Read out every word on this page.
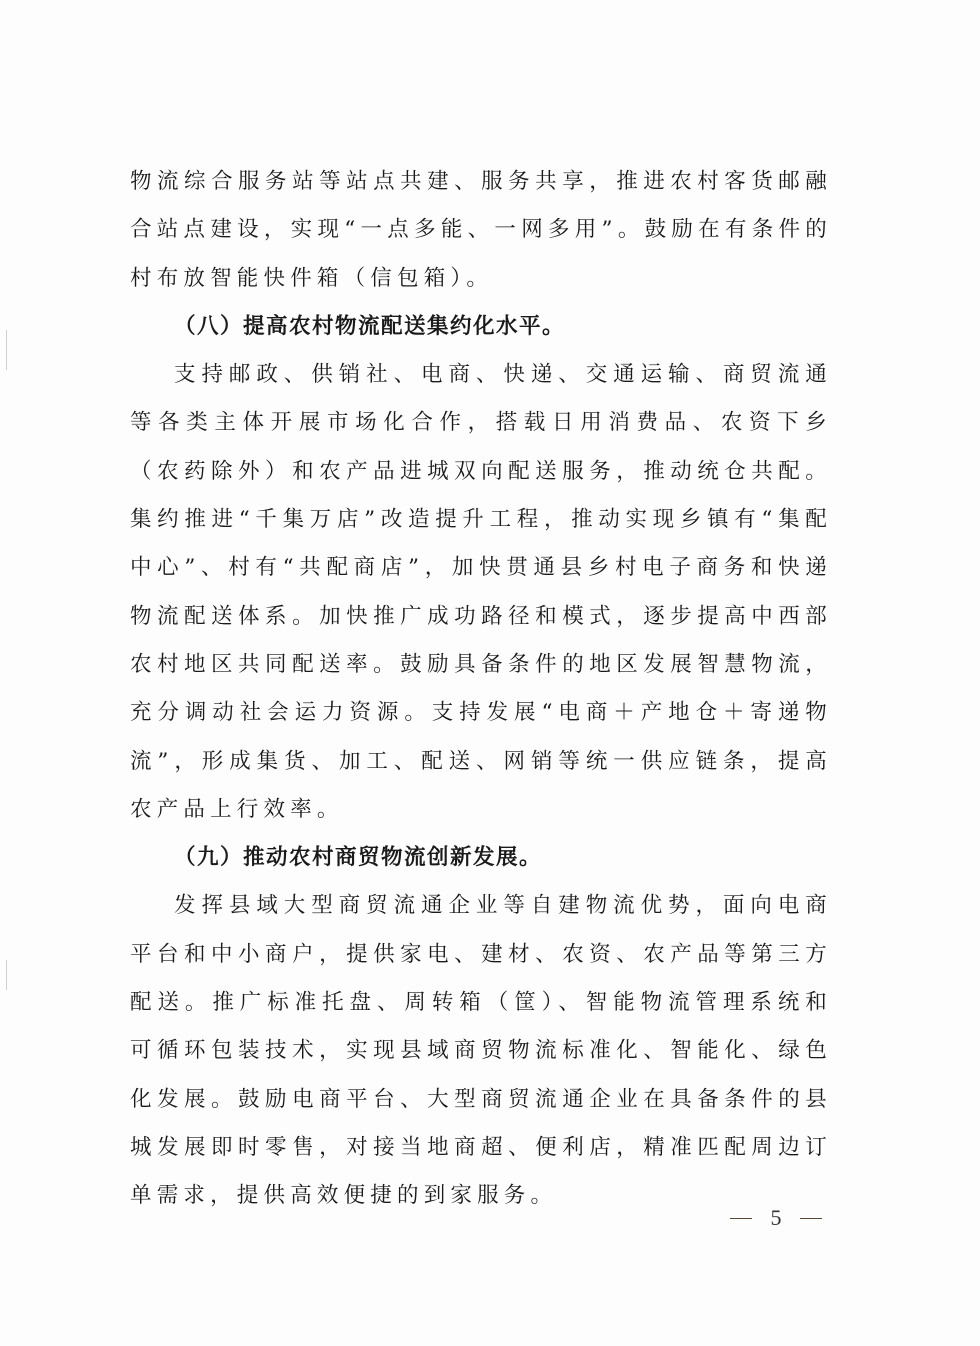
物流综合服务站等站点共建、服务共享，推进农村客货邮融合站点建设，实现“一点多能、一网多用”。鼓励在有条件的村布放智能快件箱（信包箱）。

（八）提高农村物流配送集约化水平。

支持邮政、供销社、电商、快递、交通运输、商贸流通等各类主体开展市场化合作，搭载日用消费品、农资下乡（农药除外）和农产品进城双向配送服务，推动统仓共配。集约推进“千集万店”改造提升工程，推动实现乡镇有“集配中心”、村有“共配商店”，加快贯通县乡村电子商务和快递物流配送体系。加快推广成功路径和模式，逐步提高中西部农村地区共同配送率。鼓励具备条件的地区发展智慧物流，充分调动社会运力资源。支持发展“电商＋产地仓＋寄递物流”，形成集货、加工、配送、网销等统一供应链条，提高农产品上行效率。

（九）推动农村商贸物流创新发展。

发挥县域大型商贸流通企业等自建物流优势，面向电商平台和中小商户，提供家电、建材、农资、农产品等第三方配送。推广标准托盘、周转箱（筐）、智能物流管理系统和可循环包装技术，实现县域商贸物流标准化、智能化、绿色化发展。鼓励电商平台、大型商贸流通企业在具备条件的县城发展即时零售，对接当地商超、便利店，精准匹配周边订单需求，提供高效便捷的到家服务。

5
